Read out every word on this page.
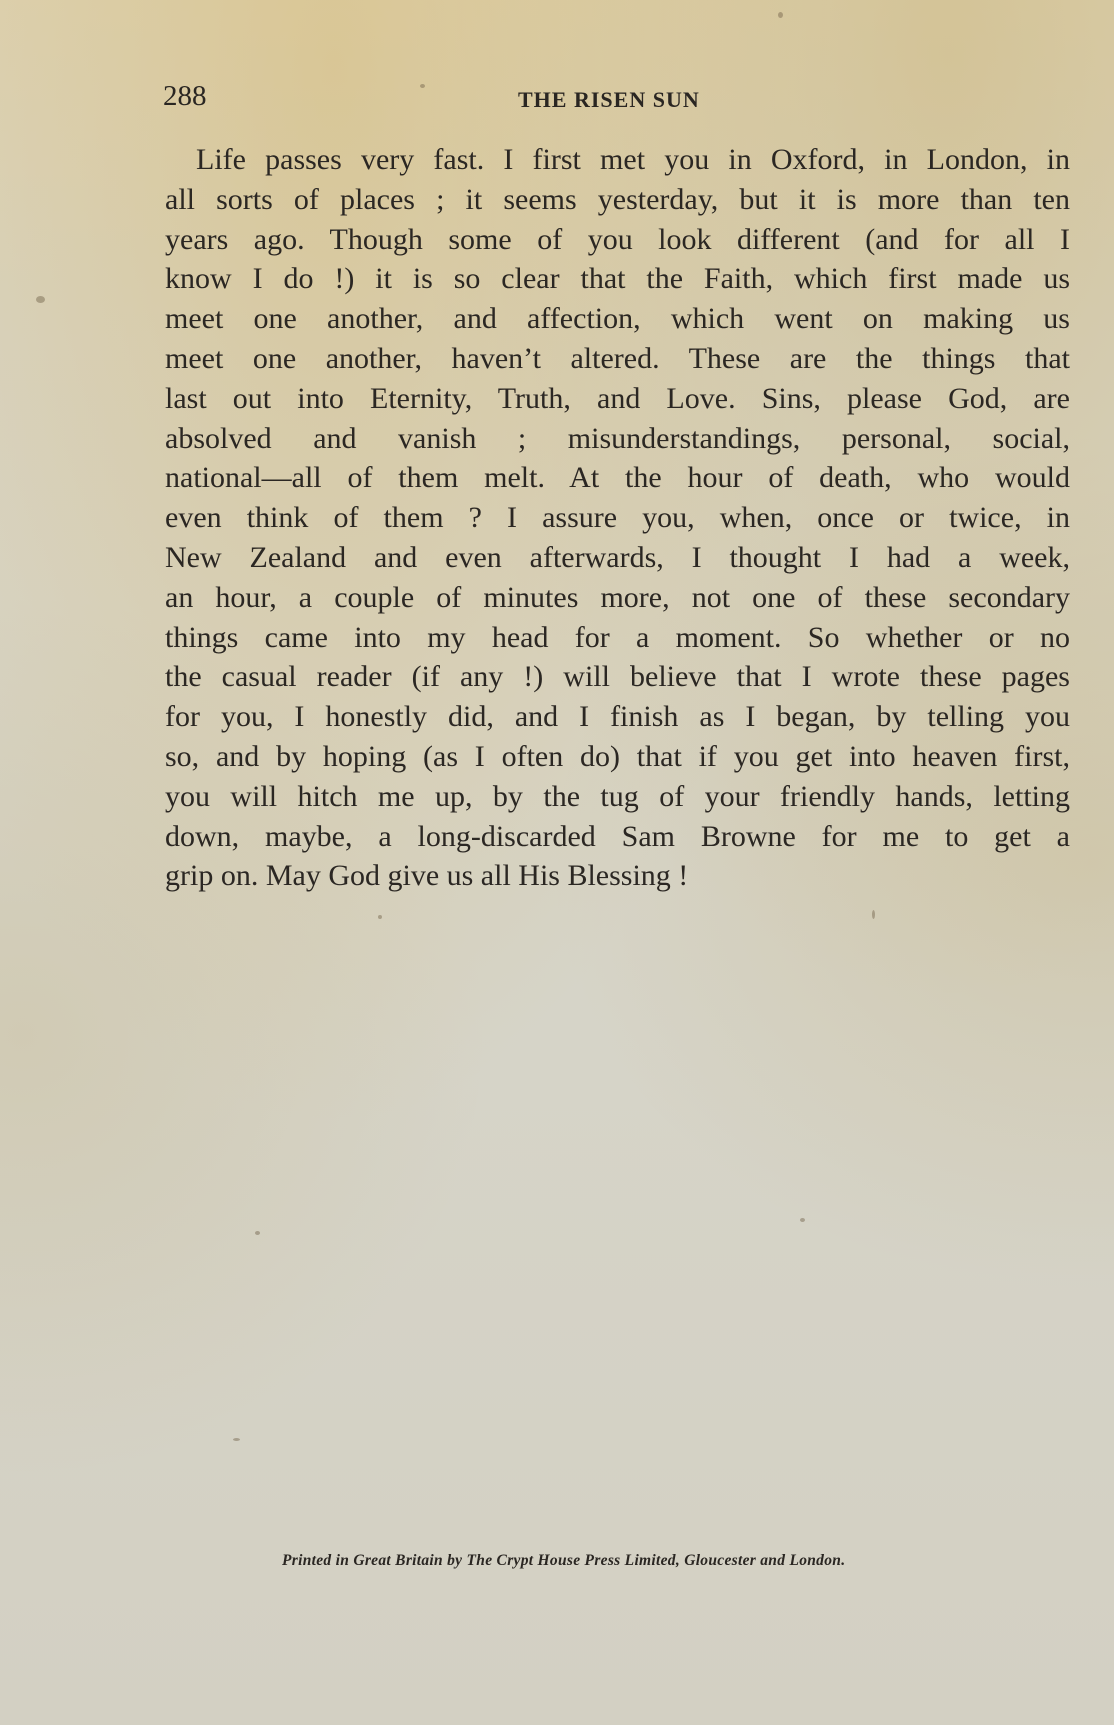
288	THE RISEN SUN
Life passes very fast. I first met you in Oxford, in London, in
all sorts of places ; it seems yesterday, but it is more than ten
years ago. Though some of you look different (and for all I
know I do !) it is so clear that the Faith, which first made us
meet one another, and affection, which went on making us
meet one another, haven’t altered. These are the things that
last out into Eternity, Truth, and Love. Sins, please God, are
absolved and vanish ; misunderstandings, personal, social,
national—all of them melt. At the hour of death, who would
even think of them ? I assure you, when, once or twice, in
New Zealand and even afterwards, I thought I had a week,
an hour, a couple of minutes more, not one of these secondary
things came into my head for a moment. So whether or no
the casual reader (if any !) will believe that I wrote these pages
for you, I honestly did, and I finish as I began, by telling you
so, and by hoping (as I often do) that if you get into heaven first,
you will hitch me up, by the tug of your friendly hands, letting
down, maybe, a long-discarded Sam Browne for me to get a
grip on. May God give us all His Blessing !
Printed in Great Britain by The Crypt House Press Limited, Gloucester and London.
